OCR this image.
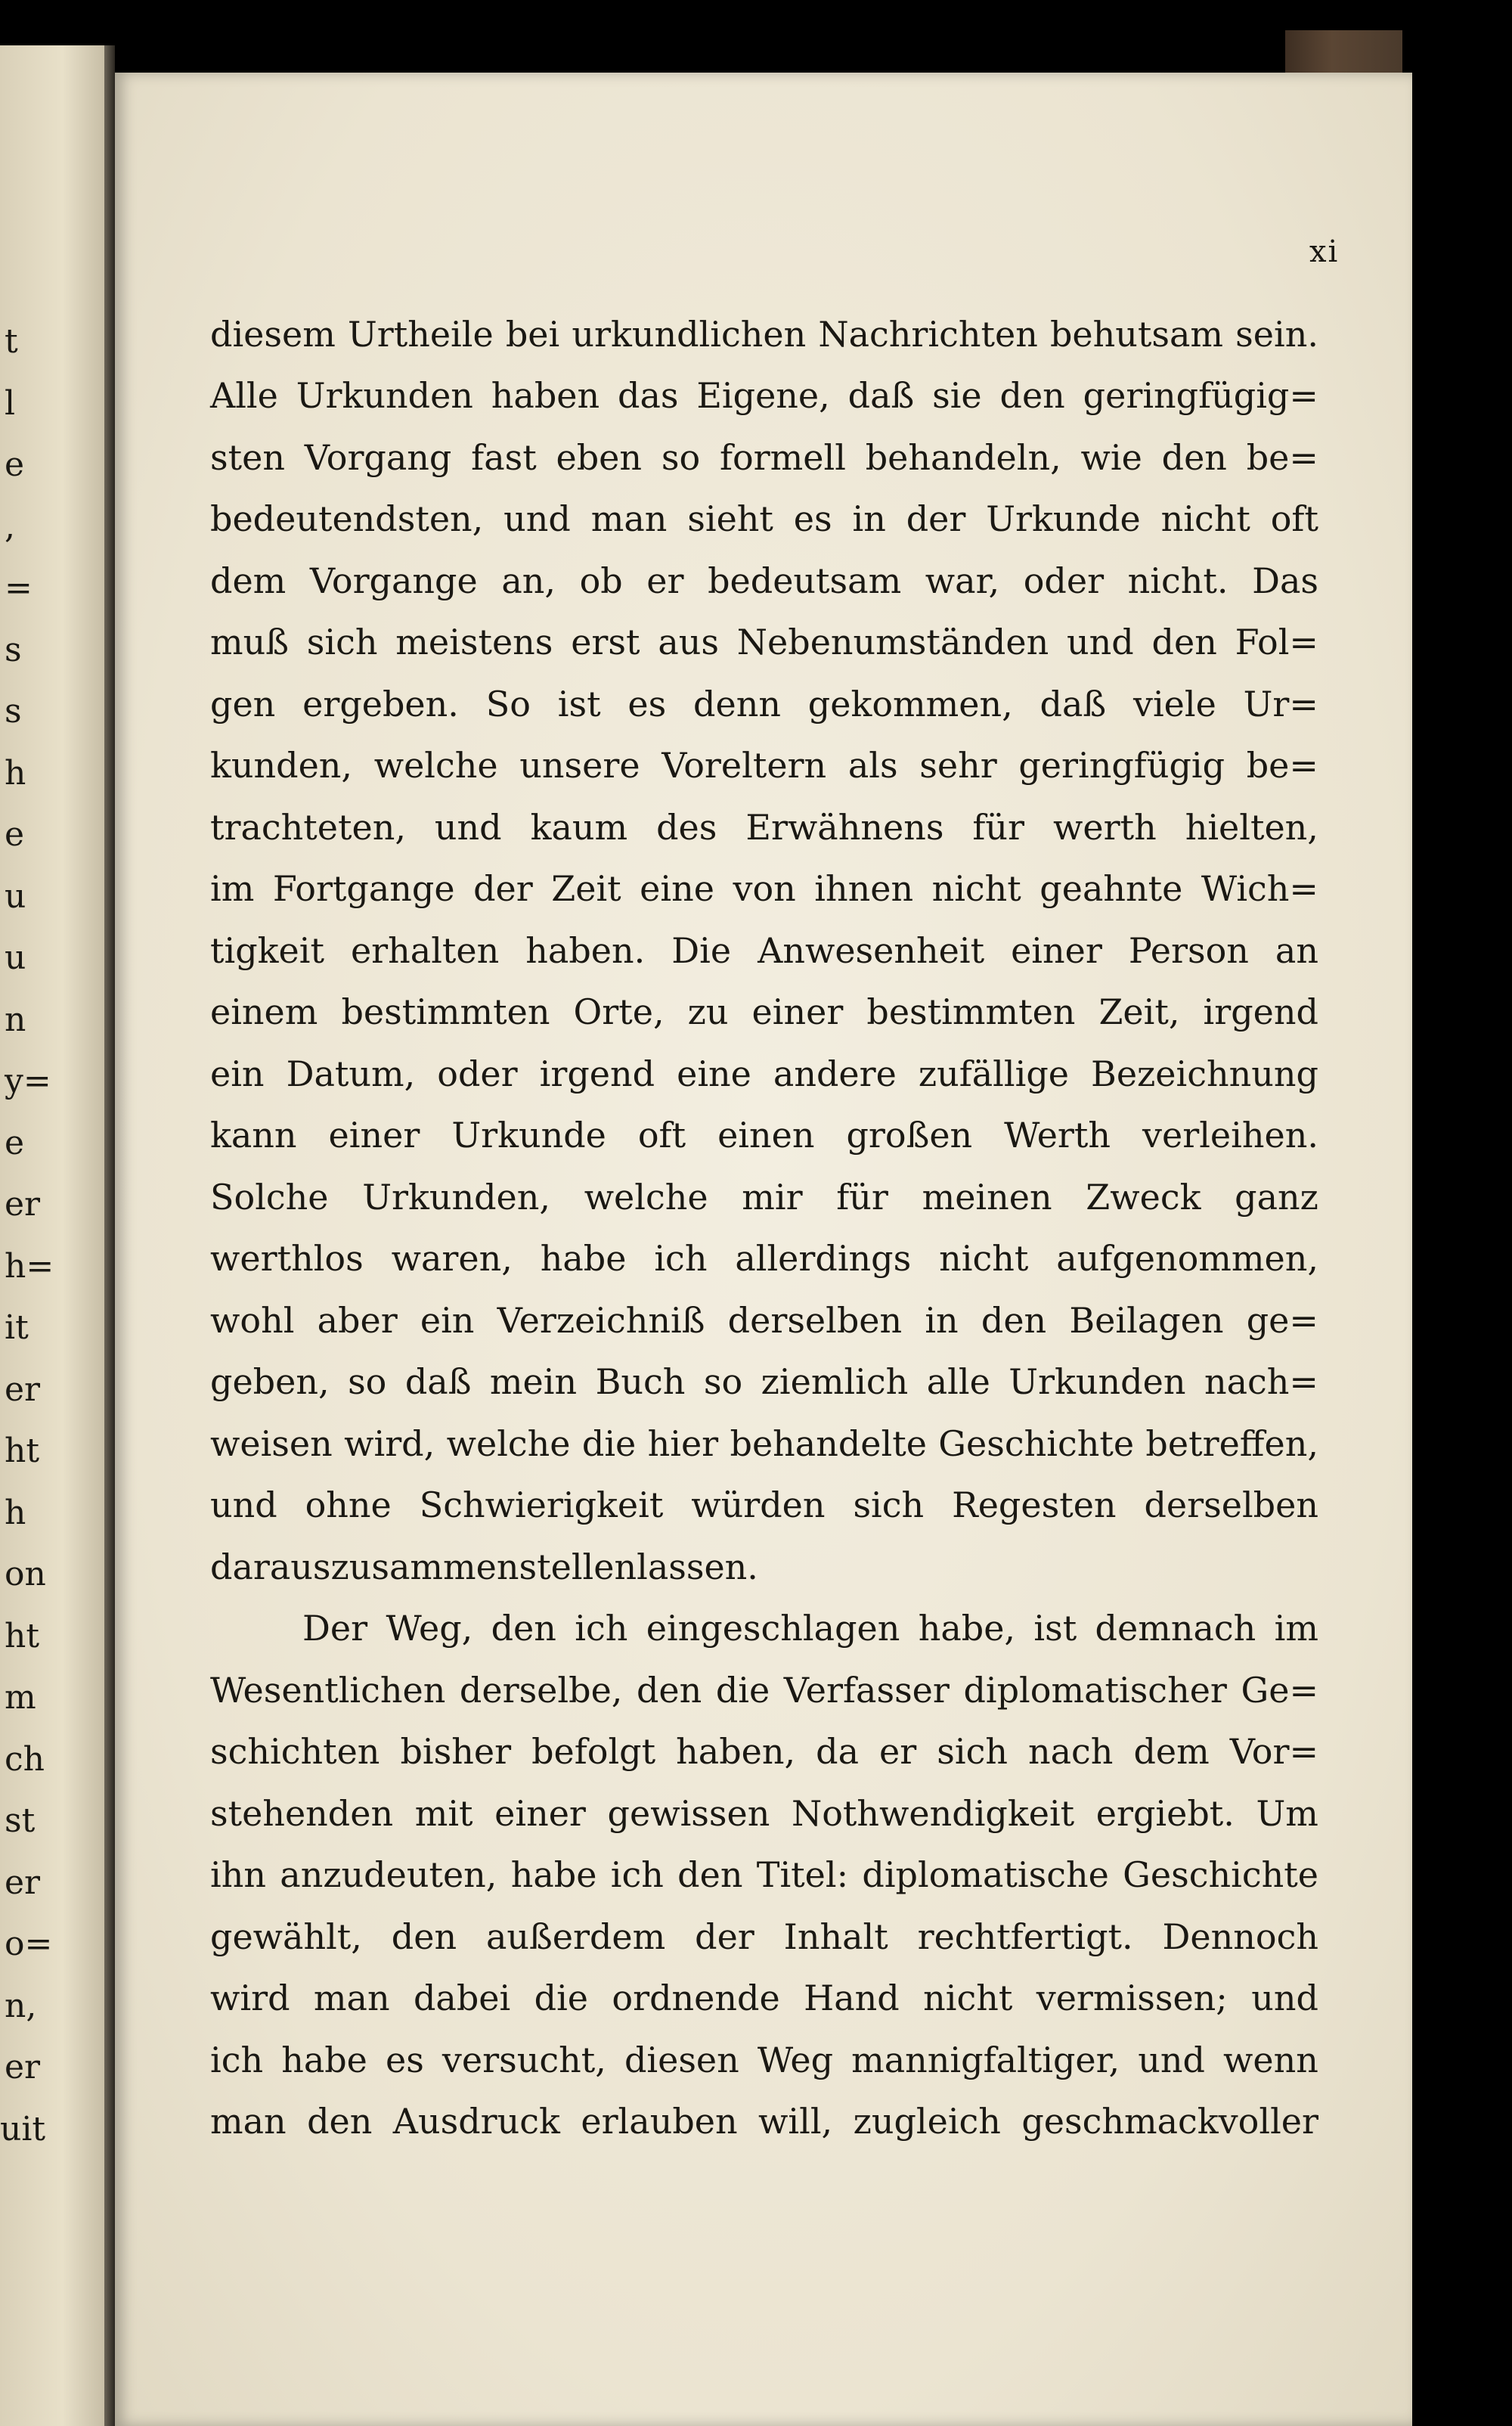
xi
diesem Urtheile bei urkundlichen Nachrichten behutsam sein.
Alle Urkunden haben das Eigene, daß sie den geringfügig=
sten Vorgang fast eben so formell behandeln, wie den be=
bedeutendsten, und man sieht es in der Urkunde nicht oft
dem Vorgange an, ob er bedeutsam war, oder nicht. Das
muß sich meistens erst aus Nebenumständen und den Fol=
gen ergeben. So ist es denn gekommen, daß viele Ur=
kunden, welche unsere Voreltern als sehr geringfügig be=
trachteten, und kaum des Erwähnens für werth hielten,
im Fortgange der Zeit eine von ihnen nicht geahnte Wich=
tigkeit erhalten haben. Die Anwesenheit einer Person an
einem bestimmten Orte, zu einer bestimmten Zeit, irgend
ein Datum, oder irgend eine andere zufällige Bezeichnung
kann einer Urkunde oft einen großen Werth verleihen.
Solche Urkunden, welche mir für meinen Zweck ganz
werthlos waren, habe ich allerdings nicht aufgenommen,
wohl aber ein Verzeichniß derselben in den Beilagen ge=
geben, so daß mein Buch so ziemlich alle Urkunden nach=
weisen wird, welche die hier behandelte Geschichte betreffen,
und ohne Schwierigkeit würden sich Regesten derselben
daraus zusammen stellen lassen.
Der Weg, den ich eingeschlagen habe, ist demnach im
Wesentlichen derselbe, den die Verfasser diplomatischer Ge=
schichten bisher befolgt haben, da er sich nach dem Vor=
stehenden mit einer gewissen Nothwendigkeit ergiebt. Um
ihn anzudeuten, habe ich den Titel: diplomatische Geschichte
gewählt, den außerdem der Inhalt rechtfertigt. Dennoch
wird man dabei die ordnende Hand nicht vermissen; und
ich habe es versucht, diesen Weg mannigfaltiger, und wenn
man den Ausdruck erlauben will, zugleich geschmackvoller
t
l
e
,
=
s
s
h
e
u
u
n
y=
e
er
h=
it
er
ht
h
on
ht
m
ch
st
er
o=
n,
er
uit
